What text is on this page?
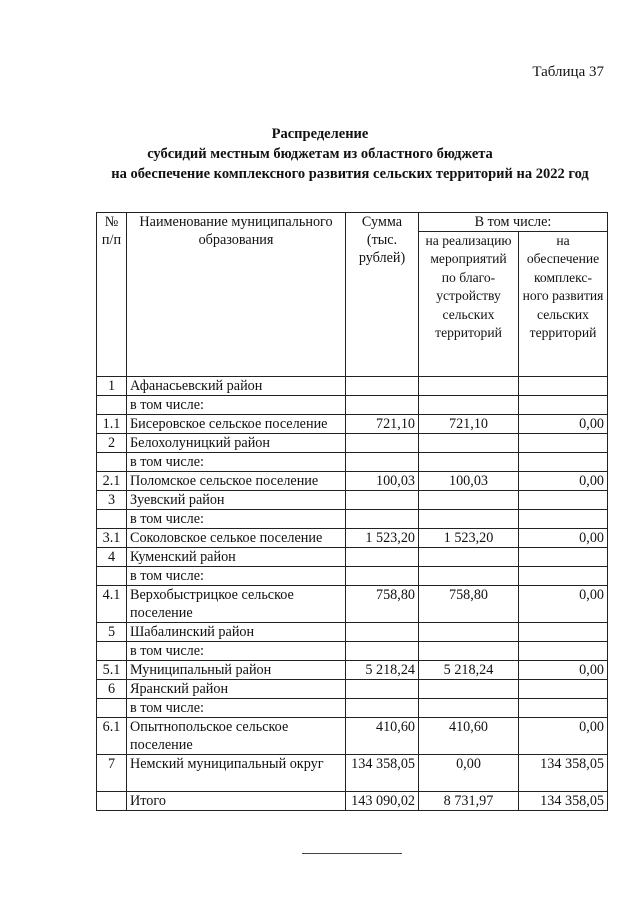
Таблица 37
Распределение
субсидий местным бюджетам из областного бюджета
на обеспечение комплексного развития сельских территорий на 2022 год
№ п/п	Наименование муниципального образования	Сумма (тыс. рублей)	В том числе:	
			на реализацию мероприятий по благо-устройству сельских территорий	на обеспечение комплекс-ного развития сельских территорий
1	Афанасьевский район			
	в том числе:			
1.1	Бисеровское сельское поселение	721,10	721,10	0,00
2	Белохолуницкий район			
	в том числе:			
2.1	Поломское сельское поселение	100,03	100,03	0,00
3	Зуевский район			
	в том числе:			
3.1	Соколовское селькое поселение	1 523,20	1 523,20	0,00
4	Куменский район			
	в том числе:			
4.1	Верхобыстрицкое сельское поселение	758,80	758,80	0,00
5	Шабалинский район			
	в том числе:			
5.1	Муниципальный район	5 218,24	5 218,24	0,00
6	Яранский район			
	в том числе:			
6.1	Опытнопольское сельское поселение	410,60	410,60	0,00
7	Немский муниципальный округ	134 358,05	0,00	134 358,05
	Итого	143 090,02	8 731,97	134 358,05
